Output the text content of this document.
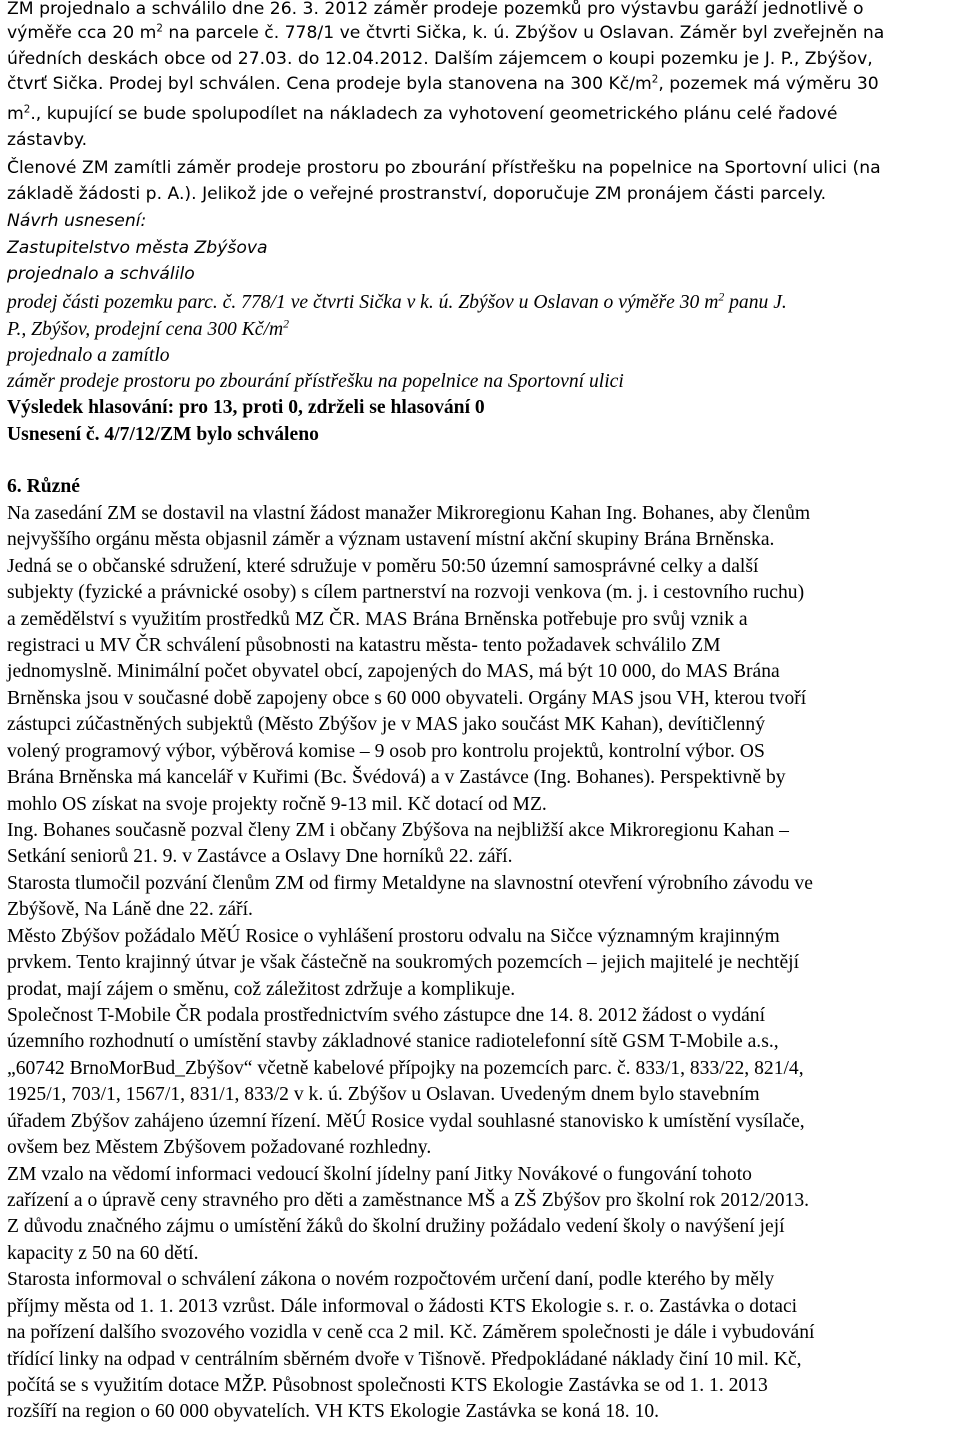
ZM projednalo a schválilo dne 26. 3. 2012 záměr prodeje pozemků pro výstavbu garáží jednotlivě o
výměře cca 20 $m^2$ na parcele č. 778/1 ve čtvrti Sička, k. ú. Zbýšov u Oslavan. Záměr byl zveřejněn na
úředních deskách obce od 27.03. do 12.04.2012. Dalším zájemcem o koupi pozemku je J. P., Zbýšov,
čtvrť Sička. Prodej byl schválen. Cena prodeje byla stanovena na 300 $Kč/m^2$, pozemek má výměru 30
$m^2$., kupující se bude spolupodílet na nákladech za vyhotovení geometrického plánu celé řadové
zástavby.
Členové ZM zamítli záměr prodeje prostoru po zbourání přístřešku na popelnice na Sportovní ulici (na
základě žádosti p. A.). Jelikož jde o veřejné prostranství, doporučuje ZM pronájem části parcely.
Návrh usnesení:
Zastupitelstvo města Zbýšova
projednalo a schválilo
prodej části pozemku parc. č. 778/1 ve čtvrti Sička v k. ú. Zbýšov u Oslavan o výměře 30 $m^2$ panu J.
P., Zbýšov, prodejní cena 300 $Kč/m^2$
projednalo a zamítlo
záměr prodeje prostoru po zbourání přístřešku na popelnice na Sportovní ulici
Výsledek hlasování: pro 13, proti 0, zdrželi se hlasování 0
Usnesení č. 4/7/12/ZM bylo schváleno
6. Různé
Na zasedání ZM se dostavil na vlastní žádost manažer Mikroregionu Kahan Ing. Bohanes, aby členům
nejvyššího orgánu města objasnil záměr a význam ustavení místní akční skupiny Brána Brněnska.
Jedná se o občanské sdružení, které sdružuje v poměru 50:50 územní samosprávné celky a další
subjekty (fyzické a právnické osoby) s cílem partnerství na rozvoji venkova (m. j. i cestovního ruchu)
a zemědělství s využitím prostředků MZ ČR. MAS Brána Brněnska potřebuje pro svůj vznik a
registraci u MV ČR schválení působnosti na katastru města- tento požadavek schválilo ZM
jednomyslně. Minimální počet obyvatel obcí, zapojených do MAS, má být 10 000, do MAS Brána
Brněnska jsou v současné době zapojeny obce s 60 000 obyvateli. Orgány MAS jsou VH, kterou tvoří
zástupci zúčastněných subjektů (Město Zbýšov je v MAS jako součást MK Kahan), devítičlenný
volený programový výbor, výběrová komise – 9 osob pro kontrolu projektů, kontrolní výbor. OS
Brána Brněnska má kancelář v Kuřimi (Bc. Švédová) a v Zastávce (Ing. Bohanes). Perspektivně by
mohlo OS získat na svoje projekty ročně 9-13 mil. Kč dotací od MZ.
Ing. Bohanes současně pozval členy ZM i občany Zbýšova na nejbližší akce Mikroregionu Kahan –
Setkání seniorů 21. 9. v Zastávce a Oslavy Dne horníků 22. září.
Starosta tlumočil pozvání členům ZM od firmy Metaldyne na slavnostní otevření výrobního závodu ve
Zbýšově, Na Láně dne 22. září.
Město Zbýšov požádalo MěÚ Rosice o vyhlášení prostoru odvalu na Sičce významným krajinným
prvkem. Tento krajinný útvar je však částečně na soukromých pozemcích – jejich majitelé je nechtějí
prodat, mají zájem o směnu, což záležitost zdržuje a komplikuje.
Společnost T-Mobile ČR podala prostřednictvím svého zástupce dne 14. 8. 2012 žádost o vydání
územního rozhodnutí o umístění stavby základnové stanice radiotelefonní sítě GSM T-Mobile a.s.,
„60742 BrnoMorBud_Zbýšov“ včetně kabelové přípojky na pozemcích parc. č. 833/1, 833/22, 821/4,
1925/1, 703/1, 1567/1, 831/1, 833/2 v k. ú. Zbýšov u Oslavan. Uvedeným dnem bylo stavebním
úřadem Zbýšov zahájeno územní řízení. MěÚ Rosice vydal souhlasné stanovisko k umístění vysílače,
ovšem bez Městem Zbýšovem požadované rozhledny.
ZM vzalo na vědomí informaci vedoucí školní jídelny paní Jitky Novákové o fungování tohoto
zařízení a o úpravě ceny stravného pro děti a zaměstnance MŠ a ZŠ Zbýšov pro školní rok 2012/2013.
Z důvodu značného zájmu o umístění žáků do školní družiny požádalo vedení školy o navýšení její
kapacity z 50 na 60 dětí.
Starosta informoval o schválení zákona o novém rozpočtovém určení daní, podle kterého by měly
příjmy města od 1. 1. 2013 vzrůst. Dále informoval o žádosti KTS Ekologie s. r. o. Zastávka o dotaci
na pořízení dalšího svozového vozidla v ceně cca 2 mil. Kč. Záměrem společnosti je dále i vybudování
třídící linky na odpad v centrálním sběrném dvoře v Tišnově. Předpokládané náklady činí 10 mil. Kč,
počítá se s využitím dotace MŽP. Působnost společnosti KTS Ekologie Zastávka se od 1. 1. 2013
rozšíří na region o 60 000 obyvatelích. VH KTS Ekologie Zastávka se koná 18. 10.
